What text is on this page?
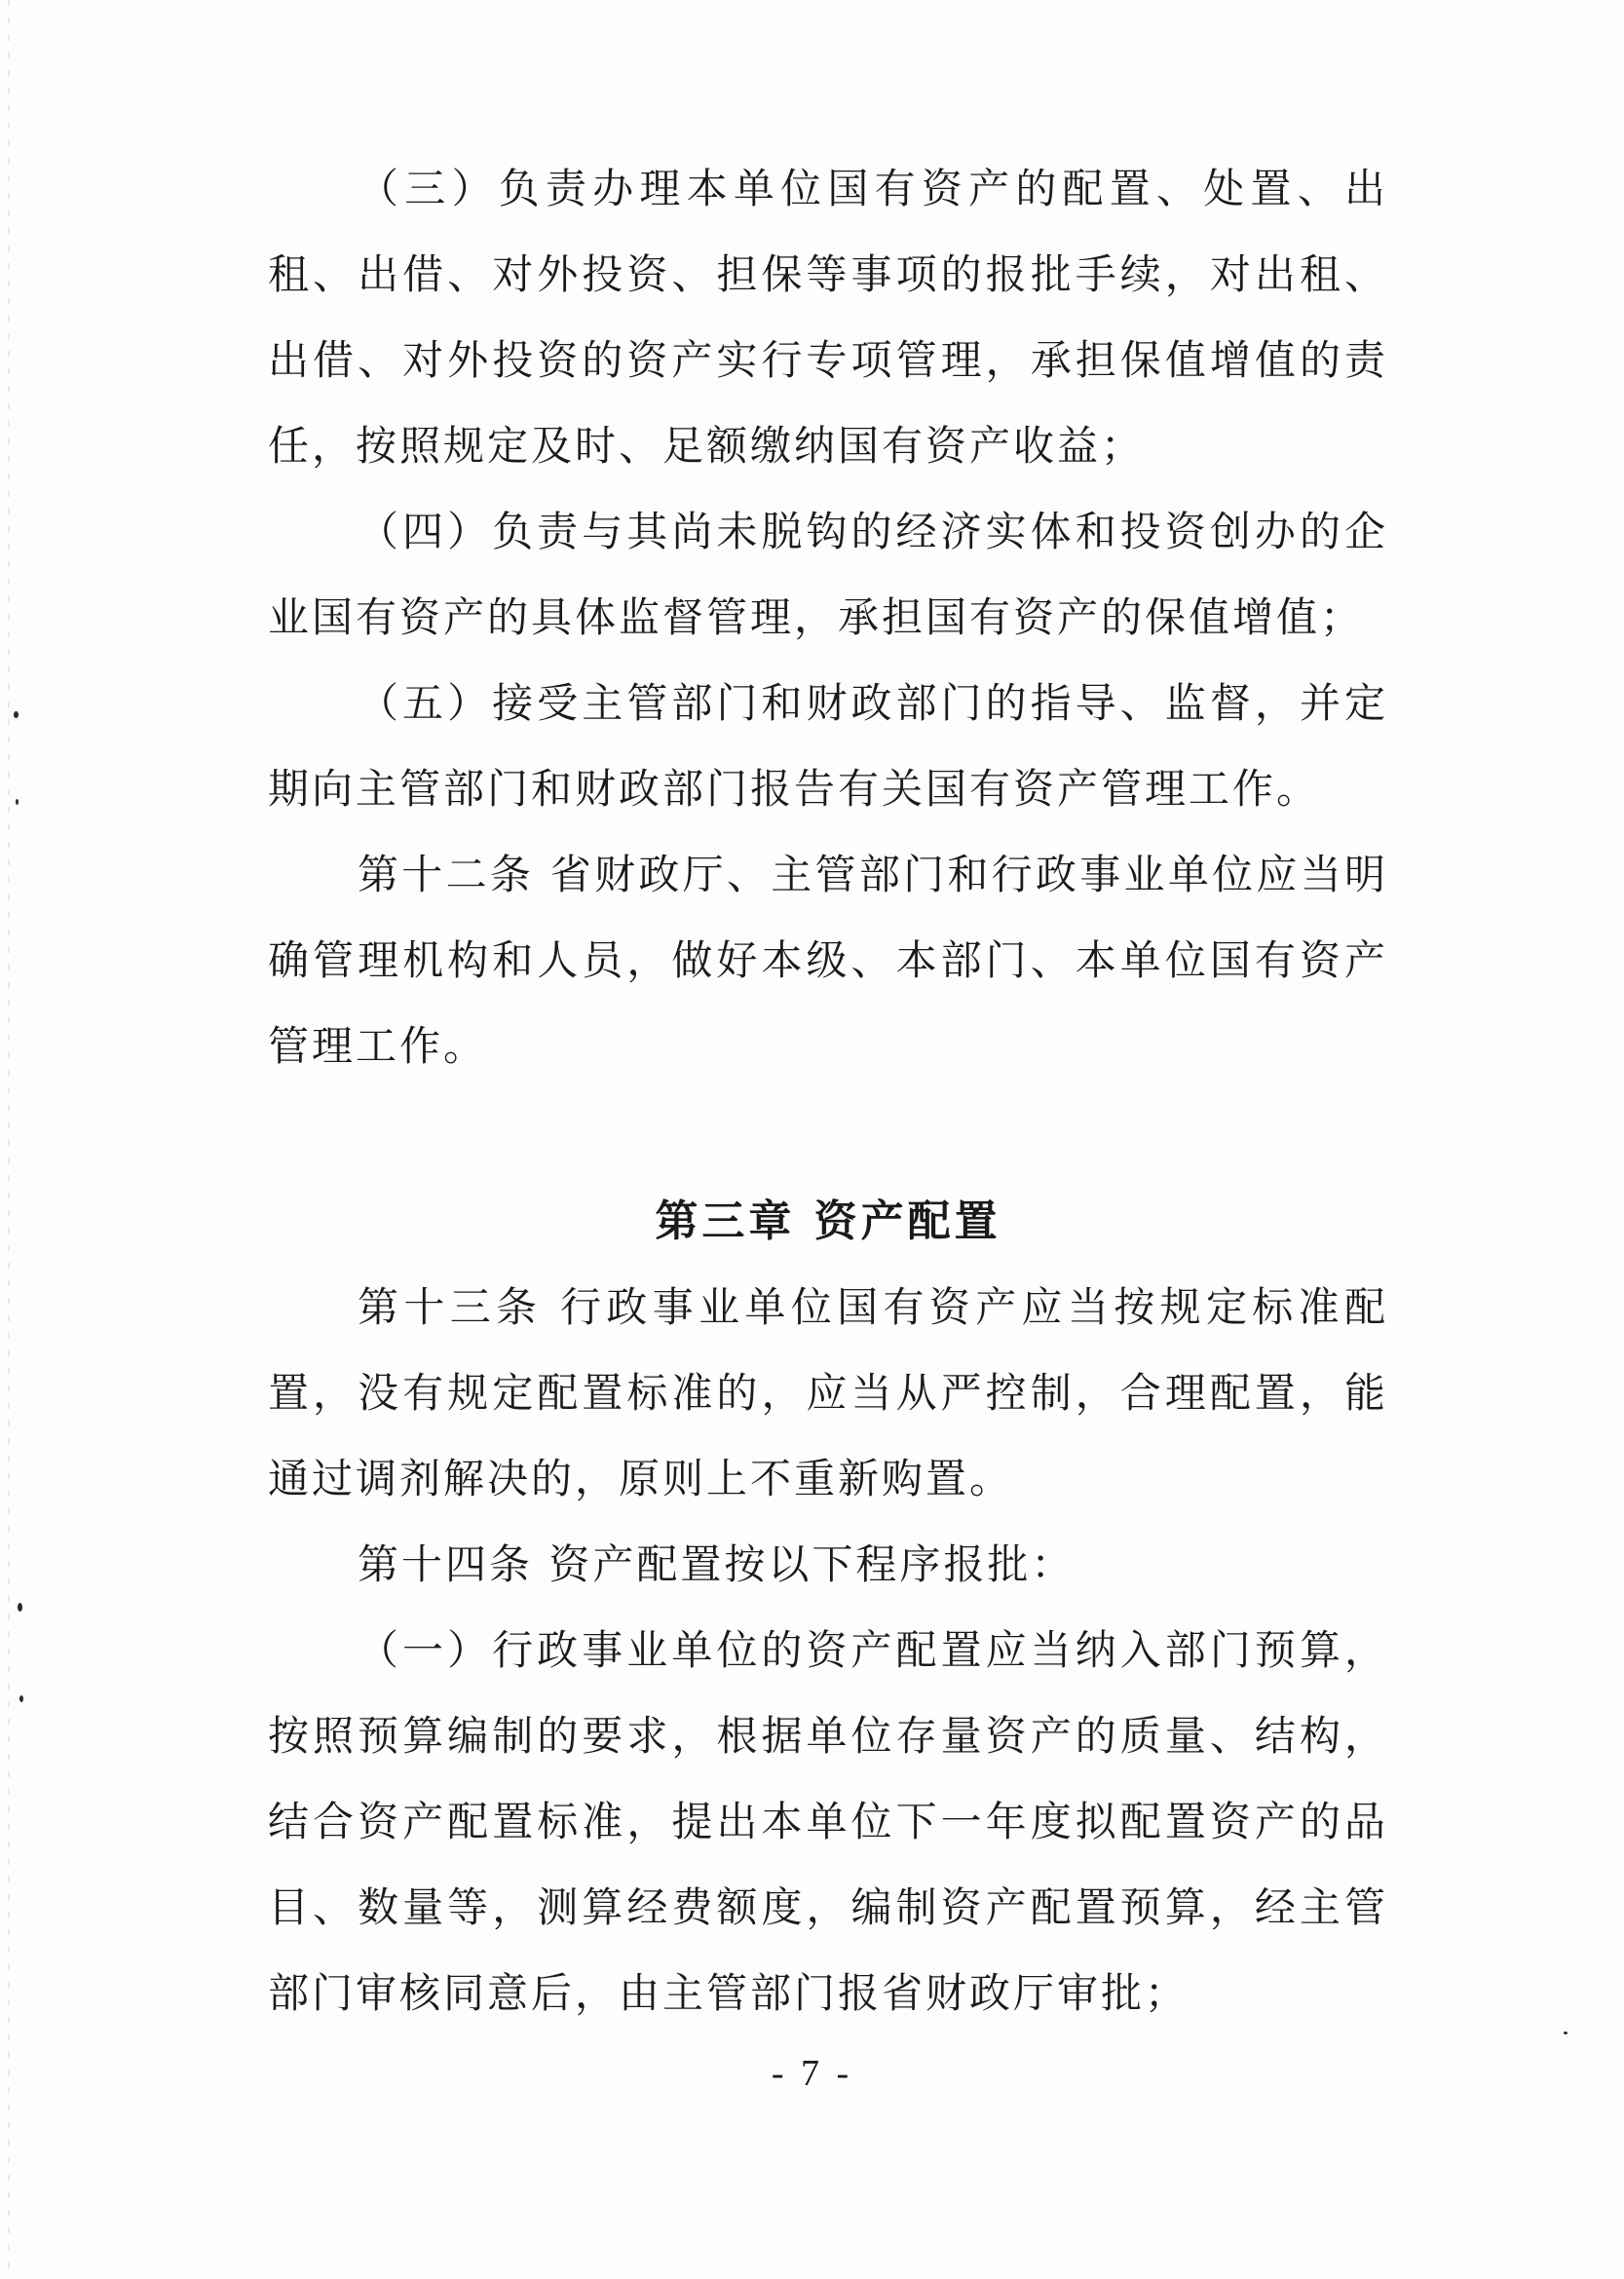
（三）负责办理本单位国有资产的配置、处置、出租、出借、对外投资、担保等事项的报批手续，对出租、出借、对外投资的资产实行专项管理，承担保值增值的责任，按照规定及时、足额缴纳国有资产收益；

（四）负责与其尚未脱钩的经济实体和投资创办的企业国有资产的具体监督管理，承担国有资产的保值增值；

（五）接受主管部门和财政部门的指导、监督，并定期向主管部门和财政部门报告有关国有资产管理工作。

第十二条 省财政厅、主管部门和行政事业单位应当明确管理机构和人员，做好本级、本部门、本单位国有资产管理工作。

第三章 资产配置

第十三条 行政事业单位国有资产应当按规定标准配置，没有规定配置标准的，应当从严控制，合理配置，能通过调剂解决的，原则上不重新购置。

第十四条 资产配置按以下程序报批：

（一）行政事业单位的资产配置应当纳入部门预算，按照预算编制的要求，根据单位存量资产的质量、结构，结合资产配置标准，提出本单位下一年度拟配置资产的品目、数量等，测算经费额度，编制资产配置预算，经主管部门审核同意后，由主管部门报省财政厅审批；

- 7 -
